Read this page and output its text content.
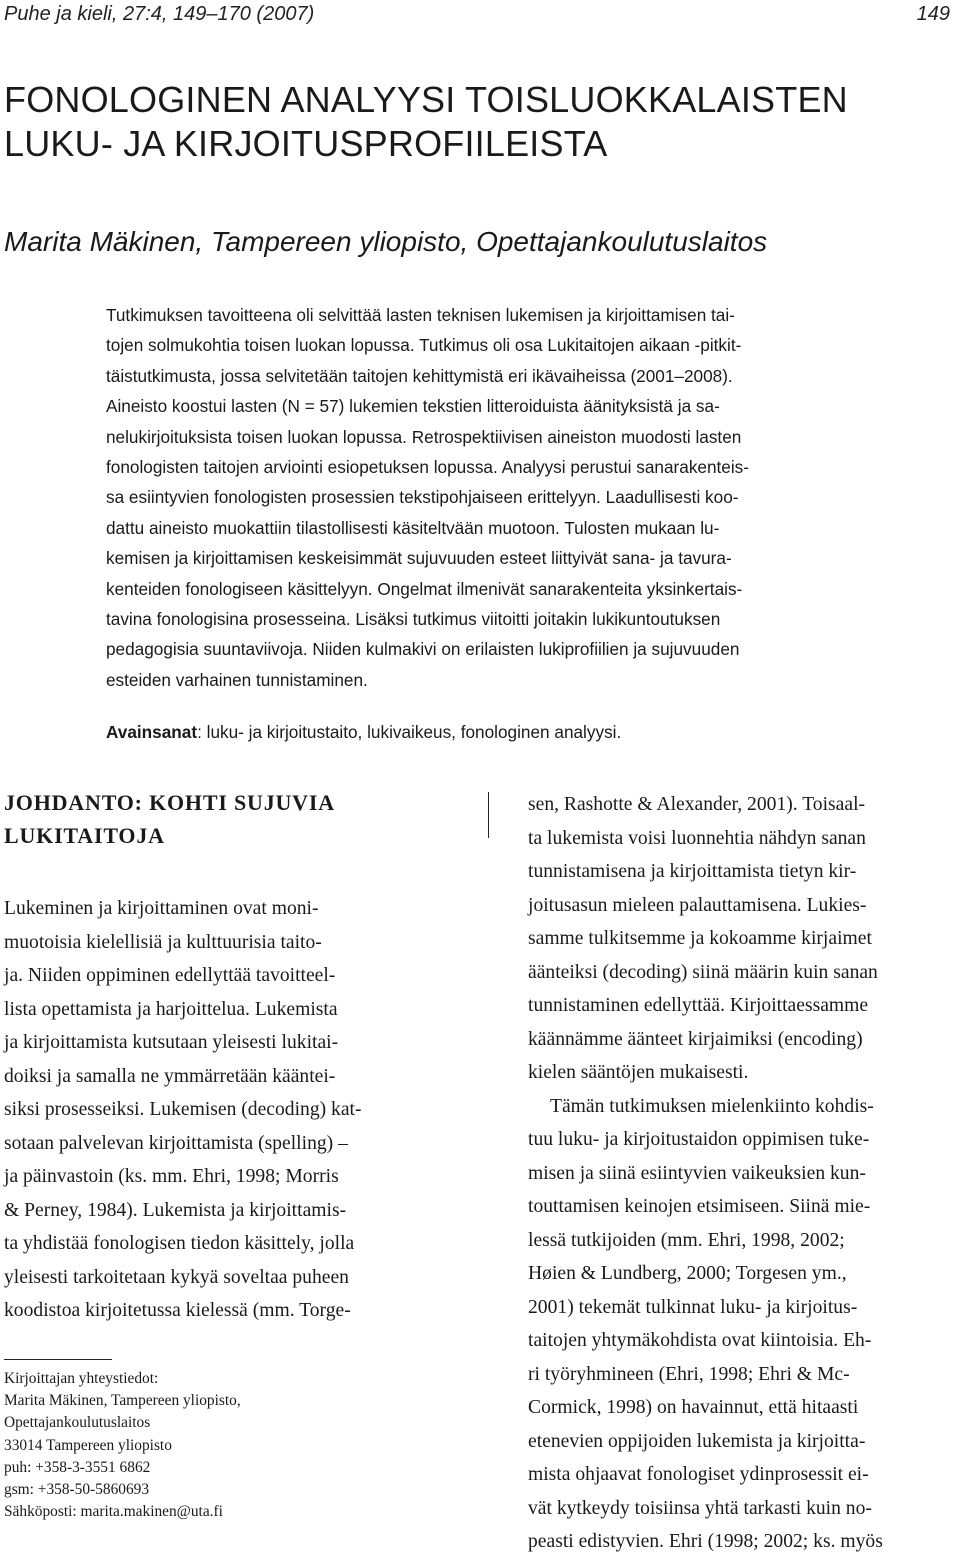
Puhe ja kieli, 27:4, 149–170 (2007)	149
FONOLOGINEN ANALYYSI TOISLUOKKALAISTEN
LUKU- JA KIRJOITUSPROFIILEISTA
Marita Mäkinen, Tampereen yliopisto, Opettajankoulutuslaitos
Tutkimuksen tavoitteena oli selvittää lasten teknisen lukemisen ja kirjoittamisen tai-
tojen solmukohtia toisen luokan lopussa. Tutkimus oli osa Lukitaitojen aikaan -pitkit-
täistutkimusta, jossa selvitetään taitojen kehittymistä eri ikävaiheissa (2001–2008).
Aineisto koostui lasten (N = 57) lukemien tekstien litteroiduista äänityksistä ja sa-
nelukirjoituksista toisen luokan lopussa. Retrospektiivisen aineiston muodosti lasten
fonologisten taitojen arviointi esiopetuksen lopussa. Analyysi perustui sanarakenteis-
sa esiintyvien fonologisten prosessien tekstipohjaiseen erittelyyn. Laadullisesti koo-
dattu aineisto muokattiin tilastollisesti käsiteltvään muotoon. Tulosten mukaan lu-
kemisen ja kirjoittamisen keskeisimmät sujuvuuden esteet liittyivät sana- ja tavura-
kenteiden fonologiseen käsittelyyn. Ongelmat ilmenivät sanarakenteita yksinkertais-
tavina fonologisina prosesseina. Lisäksi tutkimus viitoitti joitakin lukikuntoutuksen
pedagogisia suuntaviivoja. Niiden kulmakivi on erilaisten lukiprofiilien ja sujuvuuden
esteiden varhainen tunnistaminen.
Avainsanat: luku- ja kirjoitustaito, lukivaikeus, fonologinen analyysi.
JOHDANTO: KOHTI SUJUVIA
LUKITAITOJA
Lukeminen ja kirjoittaminen ovat moni-
muotoisia kielellisiä ja kulttuurisia taito-
ja. Niiden oppiminen edellyttää tavoitteel-
lista opettamista ja harjoittelua. Lukemista
ja kirjoittamista kutsutaan yleisesti lukitai-
doiksi ja samalla ne ymmärretään kääntei-
siksi prosesseiksi. Lukemisen (decoding) kat-
sotaan palvelevan kirjoittamista (spelling) –
ja päinvastoin (ks. mm. Ehri, 1998; Morris
& Perney, 1984). Lukemista ja kirjoittamis-
ta yhdistää fonologisen tiedon käsittely, jolla
yleisesti tarkoitetaan kykyä soveltaa puheen
koodistoa kirjoitetussa kielessä (mm. Torge-
Kirjoittajan yhteystiedot:
Marita Mäkinen, Tampereen yliopisto,
Opettajankoulutuslaitos
33014 Tampereen yliopisto
puh: +358-3-3551 6862
gsm: +358-50-5860693
Sähköposti: marita.makinen@uta.fi
sen, Rashotte & Alexander, 2001). Toisaal-
ta lukemista voisi luonnehtia nähdyn sanan
tunnistamisena ja kirjoittamista tietyn kir-
joitusasun mieleen palauttamisena. Lukies-
samme tulkitsemme ja kokoamme kirjaimet
äänteiksi (decoding) siinä määrin kuin sanan
tunnistaminen edellyttää. Kirjoittaessamme
käännämme äänteet kirjaimiksi (encoding)
kielen sääntöjen mukaisesti.
Tämän tutkimuksen mielenkiinto kohdis-
tuu luku- ja kirjoitustaidon oppimisen tuke-
misen ja siinä esiintyvien vaikeuksien kun-
touttamisen keinojen etsimiseen. Siinä mie-
lessä tutkijoiden (mm. Ehri, 1998, 2002;
Høien & Lundberg, 2000; Torgesen ym.,
2001) tekemät tulkinnat luku- ja kirjoitus-
taitojen yhtymäkohdista ovat kiintoisia. Eh-
ri työryhmineen (Ehri, 1998; Ehri & Mc-
Cormick, 1998) on havainnut, että hitaasti
etenevien oppijoiden lukemista ja kirjoitta-
mista ohjaavat fonologiset ydinprosessit ei-
vät kytkeydy toisiinsa yhtä tarkasti kuin no-
peasti edistyvien. Ehri (1998; 2002; ks. myös
